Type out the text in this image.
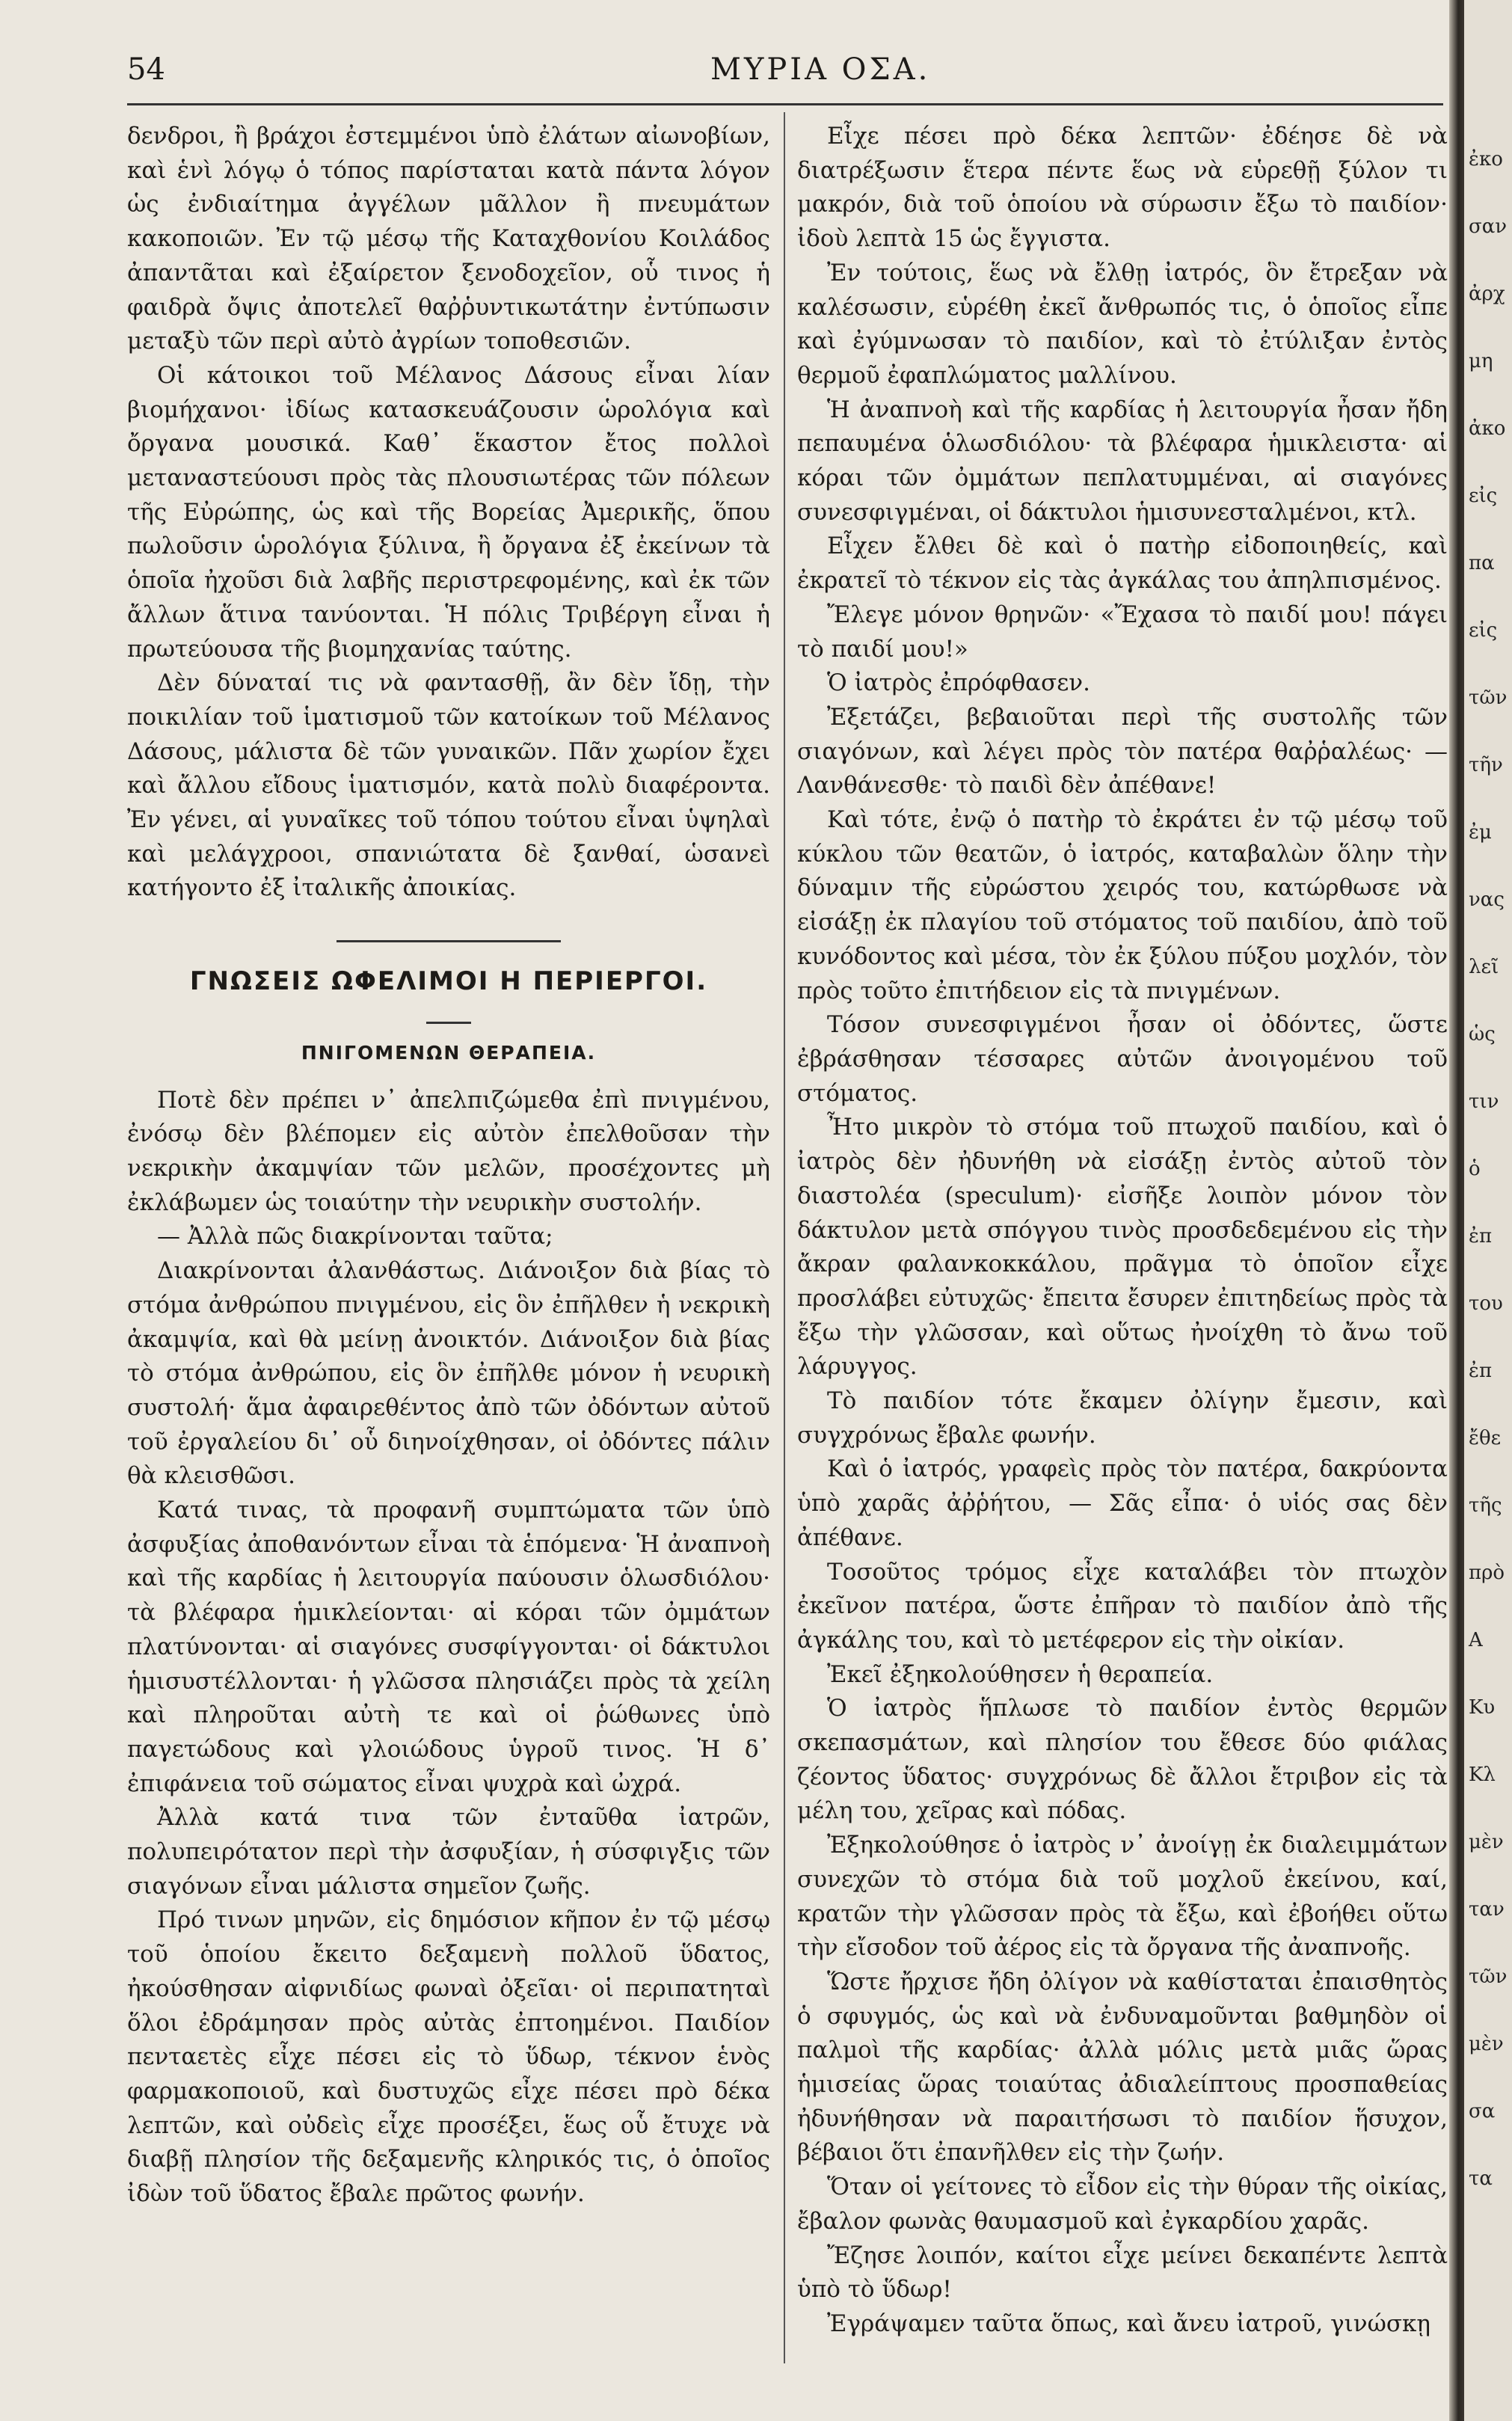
54	ΜΥΡΙΑ ΟΣΑ.

δενδροι, ἢ βράχοι ἐστεμμένοι ὑπὸ ἐλάτων αἰωνοβίων, καὶ ἑνὶ λόγῳ ὁ τόπος παρίσταται κατὰ πάντα λόγον ὡς ἐνδιαίτημα ἀγγέλων μᾶλλον ἢ πνευμάτων κακοποιῶν. Ἐν τῷ μέσῳ τῆς Καταχθονίου Κοιλάδος ἀπαντᾶται καὶ ἐξαίρετον ξενοδοχεῖον, οὗ τινος ἡ φαιδρὰ ὄψις ἀποτελεῖ θαῤῥυντικωτάτην ἐντύπωσιν μεταξὺ τῶν περὶ αὐτὸ ἀγρίων τοποθεσιῶν.

Οἱ κάτοικοι τοῦ Μέλανος Δάσους εἶναι λίαν βιομήχανοι· ἰδίως κατασκευάζουσιν ὡρολόγια καὶ ὄργανα μουσικά. Καθ᾽ ἕκαστον ἔτος πολλοὶ μεταναστεύουσι πρὸς τὰς πλουσιωτέρας τῶν πόλεων τῆς Εὐρώπης, ὡς καὶ τῆς Βορείας Ἀμερικῆς, ὅπου πωλοῦσιν ὡρολόγια ξύλινα, ἢ ὄργανα ἐξ ἐκείνων τὰ ὁποῖα ἠχοῦσι διὰ λαβῆς περιστρεφομένης, καὶ ἐκ τῶν ἄλλων ἅτινα τανύονται. Ἡ πόλις Τριβέργη εἶναι ἡ πρωτεύουσα τῆς βιομηχανίας ταύτης.

Δὲν δύναταί τις νὰ φαντασθῇ, ἂν δὲν ἴδῃ, τὴν ποικιλίαν τοῦ ἱματισμοῦ τῶν κατοίκων τοῦ Μέλανος Δάσους, μάλιστα δὲ τῶν γυναικῶν. Πᾶν χωρίον ἔχει καὶ ἄλλου εἴδους ἱματισμόν, κατὰ πολὺ διαφέροντα. Ἐν γένει, αἱ γυναῖκες τοῦ τόπου τούτου εἶναι ὑψηλαὶ καὶ μελάγχροοι, σπανιώτατα δὲ ξανθαί, ὡσανεὶ κατήγοντο ἐξ ἰταλικῆς ἀποικίας.

ΓΝΩΣΕΙΣ ΩΦΕΛΙΜΟΙ Η ΠΕΡΙΕΡΓΟΙ.
ΠΝΙΓΟΜΕΝΩΝ ΘΕΡΑΠΕΙΑ.

Ποτὲ δὲν πρέπει ν᾽ ἀπελπιζώμεθα ἐπὶ πνιγμένου, ἐνόσῳ δὲν βλέπομεν εἰς αὐτὸν ἐπελθοῦσαν τὴν νεκρικὴν ἀκαμψίαν τῶν μελῶν, προσέχοντες μὴ ἐκλάβωμεν ὡς τοιαύτην τὴν νευρικὴν συστολήν.

— Ἀλλὰ πῶς διακρίνονται ταῦτα;

Διακρίνονται ἀλανθάστως. Διάνοιξον διὰ βίας τὸ στόμα ἀνθρώπου πνιγμένου, εἰς ὃν ἐπῆλθεν ἡ νεκρικὴ ἀκαμψία, καὶ θὰ μείνῃ ἀνοικτόν. Διάνοιξον διὰ βίας τὸ στόμα ἀνθρώπου, εἰς ὃν ἐπῆλθε μόνον ἡ νευρικὴ συστολή· ἅμα ἀφαιρεθέντος ἀπὸ τῶν ὀδόντων αὐτοῦ τοῦ ἐργαλείου δι᾽ οὗ διηνοίχθησαν, οἱ ὀδόντες πάλιν θὰ κλεισθῶσι.

Κατά τινας, τὰ προφανῆ συμπτώματα τῶν ὑπὸ ἀσφυξίας ἀποθανόντων εἶναι τὰ ἑπόμενα· Ἡ ἀναπνοὴ καὶ τῆς καρδίας ἡ λειτουργία παύουσιν ὁλωσδιόλου· τὰ βλέφαρα ἡμικλείονται· αἱ κόραι τῶν ὀμμάτων πλατύνονται· αἱ σιαγόνες συσφίγγονται· οἱ δάκτυλοι ἡμισυστέλλονται· ἡ γλῶσσα πλησιάζει πρὸς τὰ χείλη καὶ πληροῦται αὐτὴ τε καὶ οἱ ῥώθωνες ὑπὸ παγετώδους καὶ γλοιώδους ὑγροῦ τινος. Ἡ δ᾽ ἐπιφάνεια τοῦ σώματος εἶναι ψυχρὰ καὶ ὠχρά.

Ἀλλὰ κατά τινα τῶν ἐνταῦθα ἰατρῶν, πολυπειρότατον περὶ τὴν ἀσφυξίαν, ἡ σύσφιγξις τῶν σιαγόνων εἶναι μάλιστα σημεῖον ζωῆς.

Πρό τινων μηνῶν, εἰς δημόσιον κῆπον ἐν τῷ μέσῳ τοῦ ὁποίου ἔκειτο δεξαμενὴ πολλοῦ ὕδατος, ἠκούσθησαν αἰφνιδίως φωναὶ ὀξεῖαι· οἱ περιπατηταὶ ὅλοι ἐδράμησαν πρὸς αὐτὰς ἐπτοημένοι. Παιδίον πενταετὲς εἶχε πέσει εἰς τὸ ὕδωρ, τέκνον ἑνὸς φαρμακοποιοῦ, καὶ δυστυχῶς εἶχε πέσει πρὸ δέκα λεπτῶν, καὶ οὐδεὶς εἶχε προσέξει, ἕως οὗ ἔτυχε νὰ διαβῇ πλησίον τῆς δεξαμενῆς κληρικός τις, ὁ ὁποῖος ἰδὼν τοῦ ὕδατος ἔβαλε πρῶτος φωνήν.

Εἶχε πέσει πρὸ δέκα λεπτῶν· ἐδέησε δὲ νὰ διατρέξωσιν ἕτερα πέντε ἕως νὰ εὑρεθῇ ξύλον τι μακρόν, διὰ τοῦ ὁποίου νὰ σύρωσιν ἔξω τὸ παιδίον· ἰδοὺ λεπτὰ 15 ὡς ἔγγιστα.

Ἐν τούτοις, ἕως νὰ ἔλθῃ ἰατρός, ὃν ἔτρεξαν νὰ καλέσωσιν, εὑρέθη ἐκεῖ ἄνθρωπός τις, ὁ ὁποῖος εἶπε καὶ ἐγύμνωσαν τὸ παιδίον, καὶ τὸ ἐτύλιξαν ἐντὸς θερμοῦ ἐφαπλώματος μαλλίνου.

Ἡ ἀναπνοὴ καὶ τῆς καρδίας ἡ λειτουργία ἦσαν ἤδη πεπαυμένα ὁλωσδιόλου· τὰ βλέφαρα ἡμικλειστα· αἱ κόραι τῶν ὀμμάτων πεπλατυμμέναι, αἱ σιαγόνες συνεσφιγμέναι, οἱ δάκτυλοι ἡμισυνεσταλμένοι, κτλ.

Εἶχεν ἔλθει δὲ καὶ ὁ πατὴρ εἰδοποιηθείς, καὶ ἐκρατεῖ τὸ τέκνον εἰς τὰς ἀγκάλας του ἀπηλπισμένος.

Ἔλεγε μόνον θρηνῶν· «Ἔχασα τὸ παιδί μου! πάγει τὸ παιδί μου!»

Ὁ ἰατρὸς ἐπρόφθασεν.

Ἐξετάζει, βεβαιοῦται περὶ τῆς συστολῆς τῶν σιαγόνων, καὶ λέγει πρὸς τὸν πατέρα θαῤῥαλέως· — Λανθάνεσθε· τὸ παιδὶ δὲν ἀπέθανε!

Καὶ τότε, ἐνῷ ὁ πατὴρ τὸ ἐκράτει ἐν τῷ μέσῳ τοῦ κύκλου τῶν θεατῶν, ὁ ἰατρός, καταβαλὼν ὅλην τὴν δύναμιν τῆς εὐρώστου χειρός του, κατώρθωσε νὰ εἰσάξῃ ἐκ πλαγίου τοῦ στόματος τοῦ παιδίου, ἀπὸ τοῦ κυνόδοντος καὶ μέσα, τὸν ἐκ ξύλου πύξου μοχλόν, τὸν πρὸς τοῦτο ἐπιτήδειον εἰς τὰ πνιγμένων.

Τόσον συνεσφιγμένοι ἦσαν οἱ ὀδόντες, ὥστε ἐβράσθησαν τέσσαρες αὐτῶν ἀνοιγομένου τοῦ στόματος.

Ἦτο μικρὸν τὸ στόμα τοῦ πτωχοῦ παιδίου, καὶ ὁ ἰατρὸς δὲν ἠδυνήθη νὰ εἰσάξῃ ἐντὸς αὐτοῦ τὸν διαστολέα (speculum)· εἰσῆξε λοιπὸν μόνον τὸν δάκτυλον μετὰ σπόγγου τινὸς προσδεδεμένου εἰς τὴν ἄκραν φαλανκοκκάλου, πρᾶγμα τὸ ὁποῖον εἶχε προσλάβει εὐτυχῶς· ἔπειτα ἔσυρεν ἐπιτηδείως πρὸς τὰ ἔξω τὴν γλῶσσαν, καὶ οὕτως ἠνοίχθη τὸ ἄνω τοῦ λάρυγγος.

Τὸ παιδίον τότε ἔκαμεν ὀλίγην ἔμεσιν, καὶ συγχρόνως ἔβαλε φωνήν.

Καὶ ὁ ἰατρός, γραφεὶς πρὸς τὸν πατέρα, δακρύοντα ὑπὸ χαρᾶς ἀῤῥήτου, — Σᾶς εἶπα· ὁ υἱός σας δὲν ἀπέθανε.

Τοσοῦτος τρόμος εἶχε καταλάβει τὸν πτωχὸν ἐκεῖνον πατέρα, ὥστε ἐπῆραν τὸ παιδίον ἀπὸ τῆς ἀγκάλης του, καὶ τὸ μετέφερον εἰς τὴν οἰκίαν.

Ἐκεῖ ἐξηκολούθησεν ἡ θεραπεία.

Ὁ ἰατρὸς ἥπλωσε τὸ παιδίον ἐντὸς θερμῶν σκεπασμάτων, καὶ πλησίον του ἔθεσε δύο φιάλας ζέοντος ὕδατος· συγχρόνως δὲ ἄλλοι ἔτριβον εἰς τὰ μέλη του, χεῖρας καὶ πόδας.

Ἐξηκολούθησε ὁ ἰατρὸς ν᾽ ἀνοίγῃ ἐκ διαλειμμάτων συνεχῶν τὸ στόμα διὰ τοῦ μοχλοῦ ἐκείνου, καί, κρατῶν τὴν γλῶσσαν πρὸς τὰ ἔξω, καὶ ἐβοήθει οὕτω τὴν εἴσοδον τοῦ ἀέρος εἰς τὰ ὄργανα τῆς ἀναπνοῆς.

Ὥστε ἤρχισε ἤδη ὀλίγον νὰ καθίσταται ἐπαισθητὸς ὁ σφυγμός, ὡς καὶ νὰ ἐνδυναμοῦνται βαθμηδὸν οἱ παλμοὶ τῆς καρδίας· ἀλλὰ μόλις μετὰ μιᾶς ὥρας ἡμισείας ὥρας τοιαύτας ἀδιαλείπτους προσπαθείας ἠδυνήθησαν νὰ παραιτήσωσι τὸ παιδίον ἥσυχον, βέβαιοι ὅτι ἐπανῆλθεν εἰς τὴν ζωήν.

Ὅταν οἱ γείτονες τὸ εἶδον εἰς τὴν θύραν τῆς οἰκίας, ἔβαλον φωνὰς θαυμασμοῦ καὶ ἐγκαρδίου χαρᾶς.

Ἔζησε λοιπόν, καίτοι εἶχε μείνει δεκαπέντε λεπτὰ ὑπὸ τὸ ὕδωρ!

Ἐγράψαμεν ταῦτα ὅπως, καὶ ἄνευ ἰατροῦ, γινώσκῃ

ἐκο
σαν
ἀρχ
μη
ἀκο
εἰς
πα
εἰς
τῶν
τῆν
ἐμ
νας
λεῖ
ὡς
τιν
ὁ
ἐπ
του
ἐπ
ἔθε
τῆς
πρὸ
A
Κυ
Κλ
μὲν
ταν
τῶν
μὲν
σα
τα
